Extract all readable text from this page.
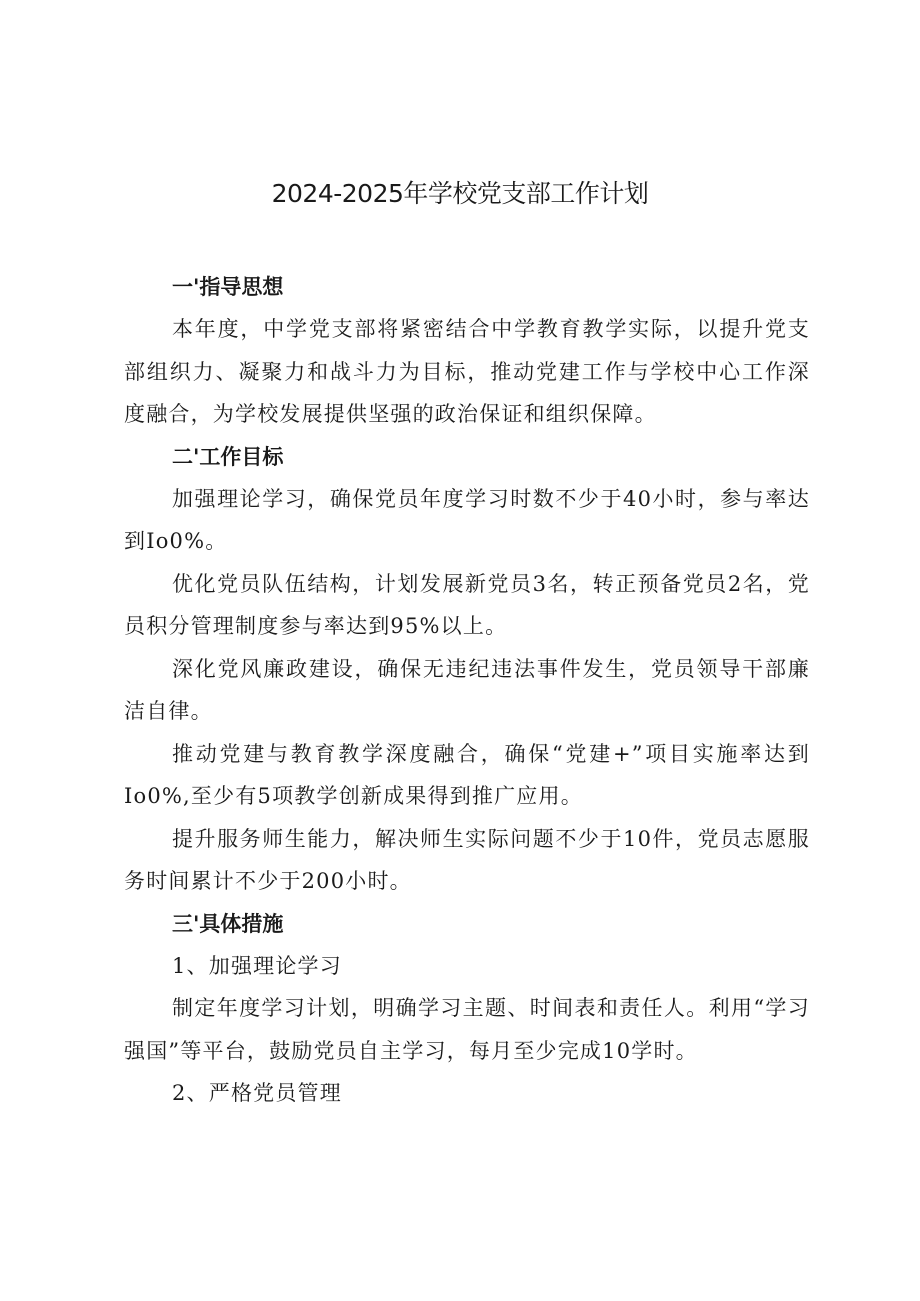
2024-2025年学校党支部工作计划
一'指导思想

本年度，中学党支部将紧密结合中学教育教学实际，以提升党支部组织力、凝聚力和战斗力为目标，推动党建工作与学校中心工作深度融合，为学校发展提供坚强的政治保证和组织保障。

二'工作目标

加强理论学习，确保党员年度学习时数不少于40小时，参与率达到Io0%。

优化党员队伍结构，计划发展新党员3名，转正预备党员2名，党员积分管理制度参与率达到95%以上。

深化党风廉政建设，确保无违纪违法事件发生，党员领导干部廉洁自律。

推动党建与教育教学深度融合，确保“党建+”项目实施率达到Io0%,至少有5项教学创新成果得到推广应用。

提升服务师生能力，解决师生实际问题不少于10件，党员志愿服务时间累计不少于200小时。

三'具体措施

1、加强理论学习

制定年度学习计划，明确学习主题、时间表和责任人。利用“学习强国”等平台，鼓励党员自主学习，每月至少完成10学时。

2、严格党员管理
